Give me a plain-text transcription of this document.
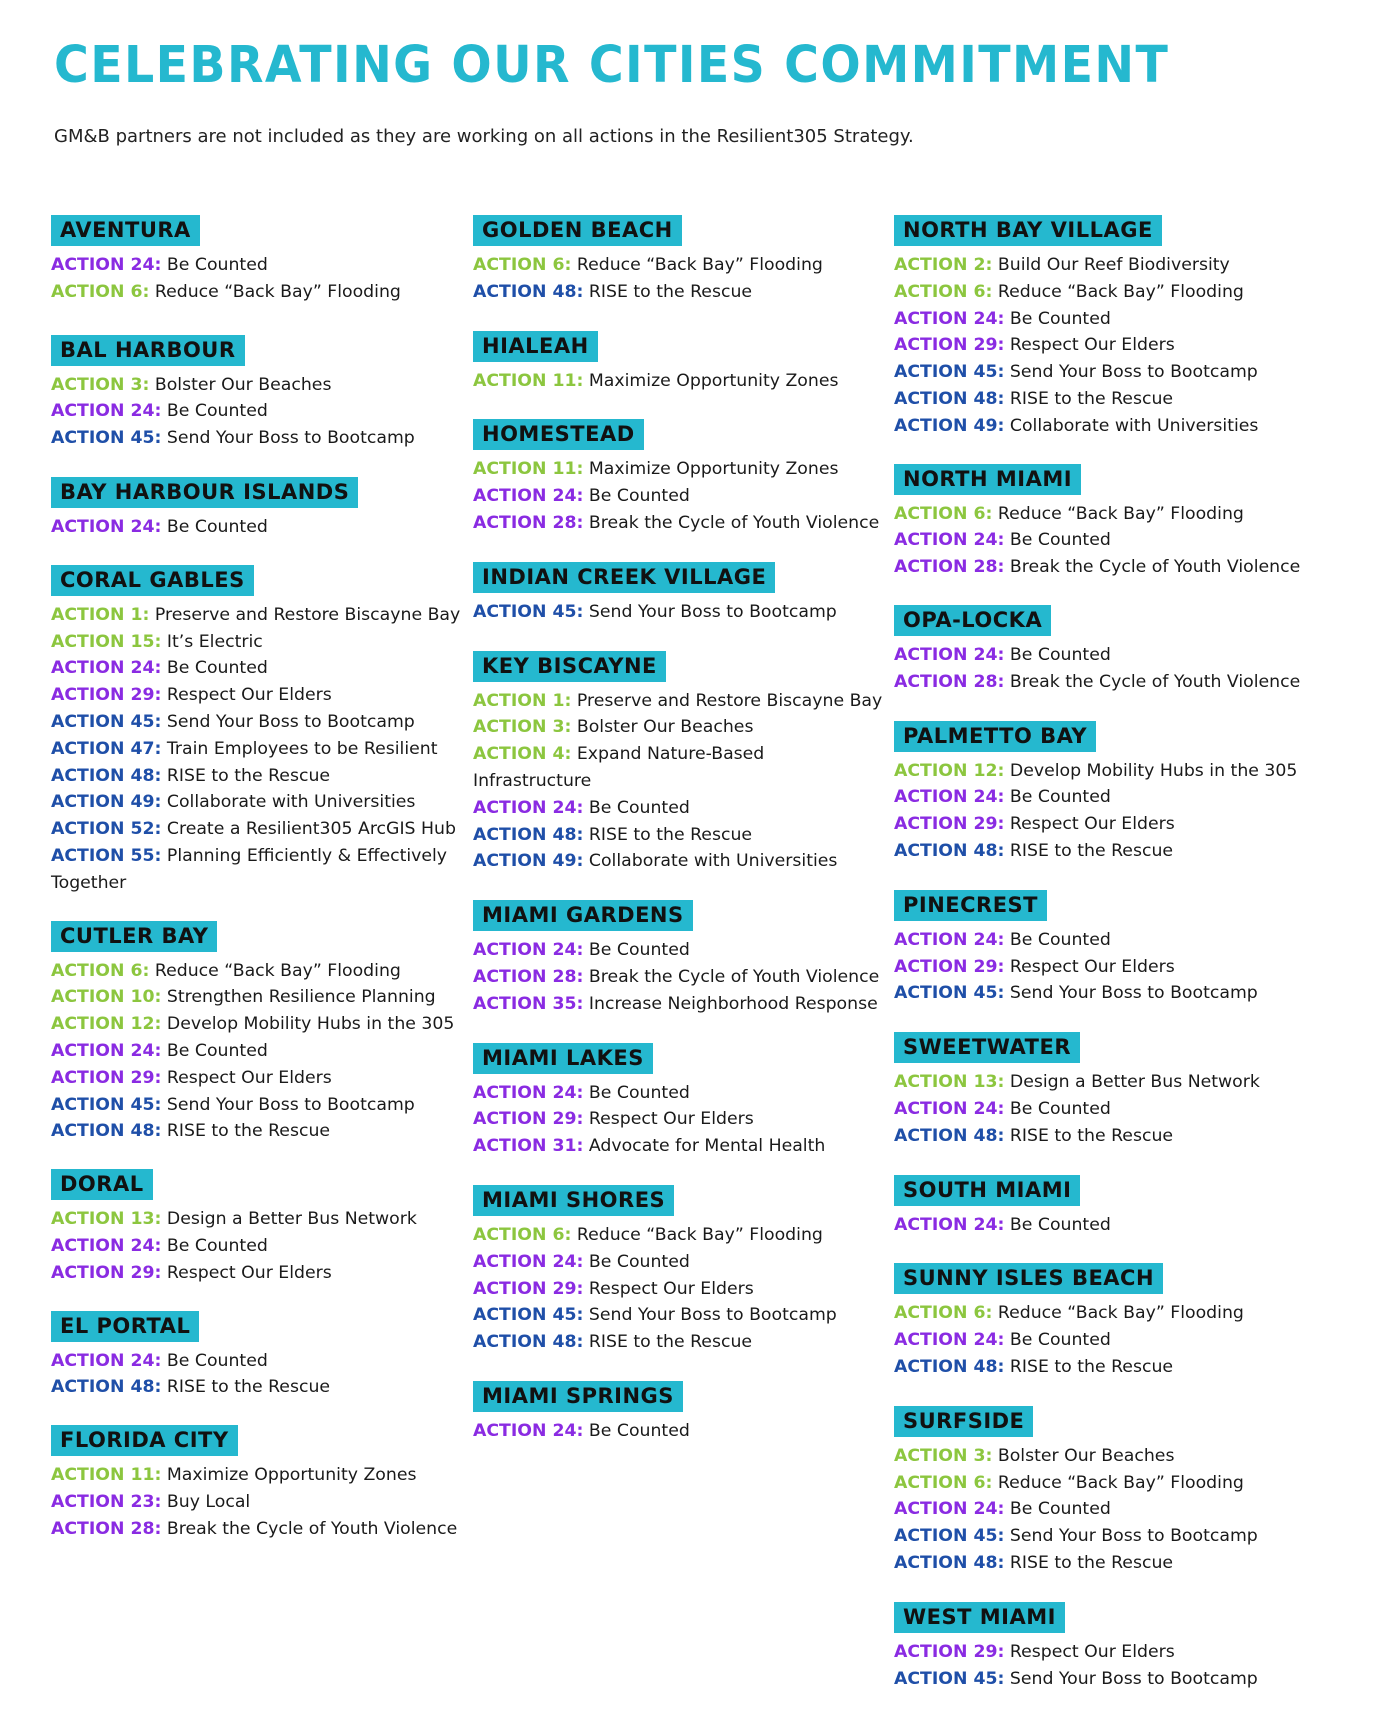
CELEBRATING OUR CITIES COMMITMENT
GM&B partners are not included as they are working on all actions in the Resilient305 Strategy.
AVENTURA
ACTION 24: Be Counted
ACTION 6: Reduce “Back Bay” Flooding
BAL HARBOUR
ACTION 3: Bolster Our Beaches
ACTION 24: Be Counted
ACTION 45: Send Your Boss to Bootcamp
BAY HARBOUR ISLANDS
ACTION 24: Be Counted
CORAL GABLES
ACTION 1: Preserve and Restore Biscayne Bay
ACTION 15: It’s Electric
ACTION 24: Be Counted
ACTION 29: Respect Our Elders
ACTION 45: Send Your Boss to Bootcamp
ACTION 47: Train Employees to be Resilient
ACTION 48: RISE to the Rescue
ACTION 49: Collaborate with Universities
ACTION 52: Create a Resilient305 ArcGIS Hub
ACTION 55: Planning Efficiently & Effectively Together
CUTLER BAY
ACTION 6: Reduce “Back Bay” Flooding
ACTION 10: Strengthen Resilience Planning
ACTION 12: Develop Mobility Hubs in the 305
ACTION 24: Be Counted
ACTION 29: Respect Our Elders
ACTION 45: Send Your Boss to Bootcamp
ACTION 48: RISE to the Rescue
DORAL
ACTION 13: Design a Better Bus Network
ACTION 24: Be Counted
ACTION 29: Respect Our Elders
EL PORTAL
ACTION 24: Be Counted
ACTION 48: RISE to the Rescue
FLORIDA CITY
ACTION 11: Maximize Opportunity Zones
ACTION 23: Buy Local
ACTION 28: Break the Cycle of Youth Violence
GOLDEN BEACH
ACTION 6: Reduce “Back Bay” Flooding
ACTION 48: RISE to the Rescue
HIALEAH
ACTION 11: Maximize Opportunity Zones
HOMESTEAD
ACTION 11: Maximize Opportunity Zones
ACTION 24: Be Counted
ACTION 28: Break the Cycle of Youth Violence
INDIAN CREEK VILLAGE
ACTION 45: Send Your Boss to Bootcamp
KEY BISCAYNE
ACTION 1: Preserve and Restore Biscayne Bay
ACTION 3: Bolster Our Beaches
ACTION 4: Expand Nature-Based Infrastructure
ACTION 24: Be Counted
ACTION 48: RISE to the Rescue
ACTION 49: Collaborate with Universities
MIAMI GARDENS
ACTION 24: Be Counted
ACTION 28: Break the Cycle of Youth Violence
ACTION 35: Increase Neighborhood Response
MIAMI LAKES
ACTION 24: Be Counted
ACTION 29: Respect Our Elders
ACTION 31: Advocate for Mental Health
MIAMI SHORES
ACTION 6: Reduce “Back Bay” Flooding
ACTION 24: Be Counted
ACTION 29: Respect Our Elders
ACTION 45: Send Your Boss to Bootcamp
ACTION 48: RISE to the Rescue
MIAMI SPRINGS
ACTION 24: Be Counted
NORTH BAY VILLAGE
ACTION 2: Build Our Reef Biodiversity
ACTION 6: Reduce “Back Bay” Flooding
ACTION 24: Be Counted
ACTION 29: Respect Our Elders
ACTION 45: Send Your Boss to Bootcamp
ACTION 48: RISE to the Rescue
ACTION 49: Collaborate with Universities
NORTH MIAMI
ACTION 6: Reduce “Back Bay” Flooding
ACTION 24: Be Counted
ACTION 28: Break the Cycle of Youth Violence
OPA-LOCKA
ACTION 24: Be Counted
ACTION 28: Break the Cycle of Youth Violence
PALMETTO BAY
ACTION 12: Develop Mobility Hubs in the 305
ACTION 24: Be Counted
ACTION 29: Respect Our Elders
ACTION 48: RISE to the Rescue
PINECREST
ACTION 24: Be Counted
ACTION 29: Respect Our Elders
ACTION 45: Send Your Boss to Bootcamp
SWEETWATER
ACTION 13: Design a Better Bus Network
ACTION 24: Be Counted
ACTION 48: RISE to the Rescue
SOUTH MIAMI
ACTION 24: Be Counted
SUNNY ISLES BEACH
ACTION 6: Reduce “Back Bay” Flooding
ACTION 24: Be Counted
ACTION 48: RISE to the Rescue
SURFSIDE
ACTION 3: Bolster Our Beaches
ACTION 6: Reduce “Back Bay” Flooding
ACTION 24: Be Counted
ACTION 45: Send Your Boss to Bootcamp
ACTION 48: RISE to the Rescue
WEST MIAMI
ACTION 29: Respect Our Elders
ACTION 45: Send Your Boss to Bootcamp
